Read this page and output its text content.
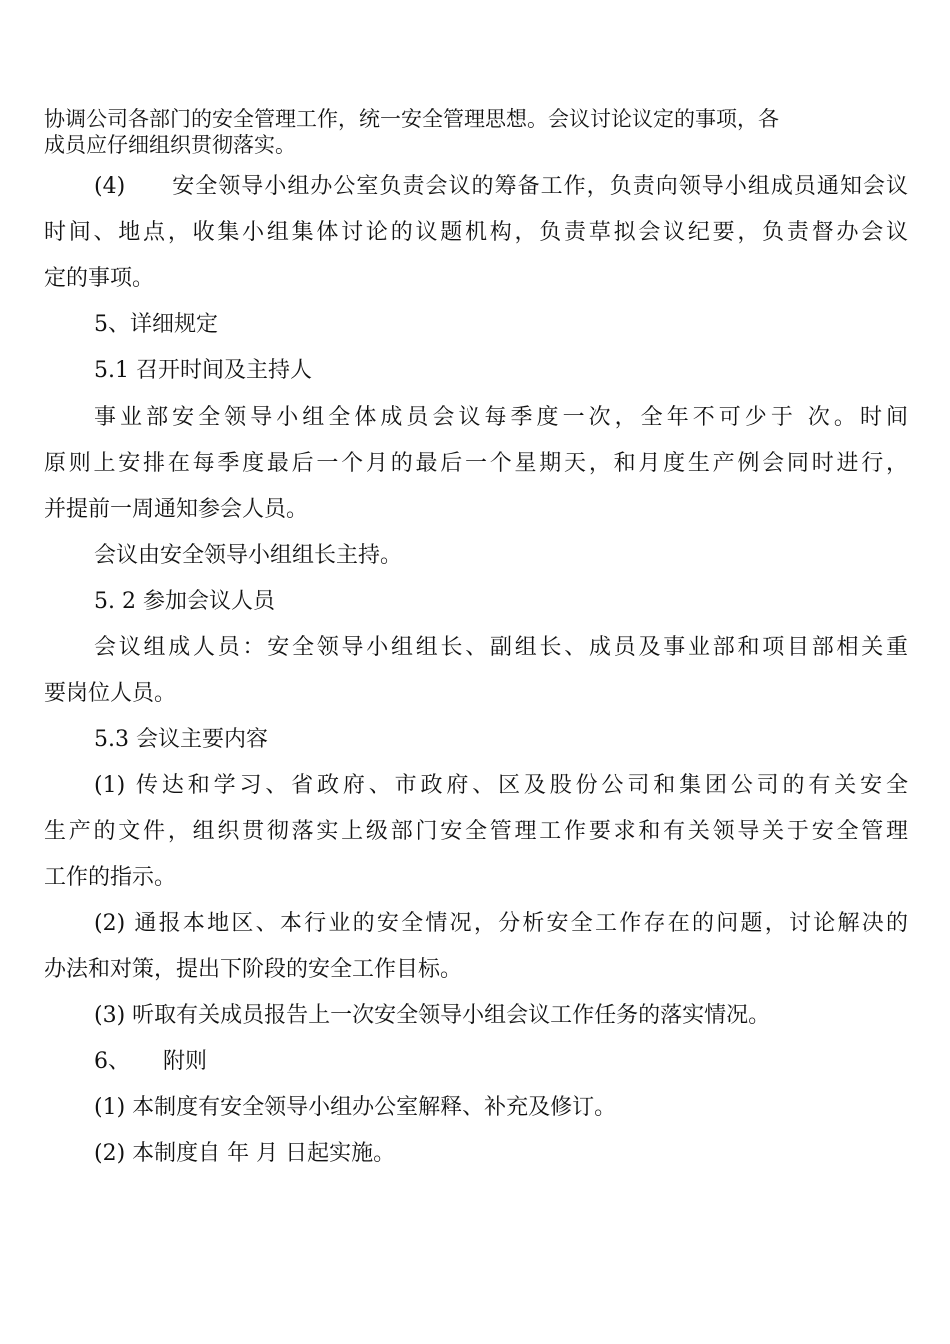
协调公司各部门的安全管理工作，统一安全管理思想。会议讨论议定的事项，各
成员应仔细组织贯彻落实。
(4)　　安全领导小组办公室负责会议的筹备工作，负责向领导小组成员通知会议
时间、地点，收集小组集体讨论的议题机构，负责草拟会议纪要，负责督办会议
定的事项。
5、详细规定
5.1 召开时间及主持人
事业部安全领导小组全体成员会议每季度一次，全年不可少于 次。时间
原则上安排在每季度最后一个月的最后一个星期天，和月度生产例会同时进行，
并提前一周通知参会人员。
会议由安全领导小组组长主持。
5. 2 参加会议人员
会议组成人员：安全领导小组组长、副组长、成员及事业部和项目部相关重
要岗位人员。
5.3 会议主要内容
(1) 传达和学习、省政府、市政府、区及股份公司和集团公司的有关安全
生产的文件，组织贯彻落实上级部门安全管理工作要求和有关领导关于安全管理
工作的指示。
(2) 通报本地区、本行业的安全情况，分析安全工作存在的问题，讨论解决的
办法和对策，提出下阶段的安全工作目标。
(3) 听取有关成员报告上一次安全领导小组会议工作任务的落实情况。
6、　　附则
(1) 本制度有安全领导小组办公室解释、补充及修订。
(2) 本制度自 年 月 日起实施。
